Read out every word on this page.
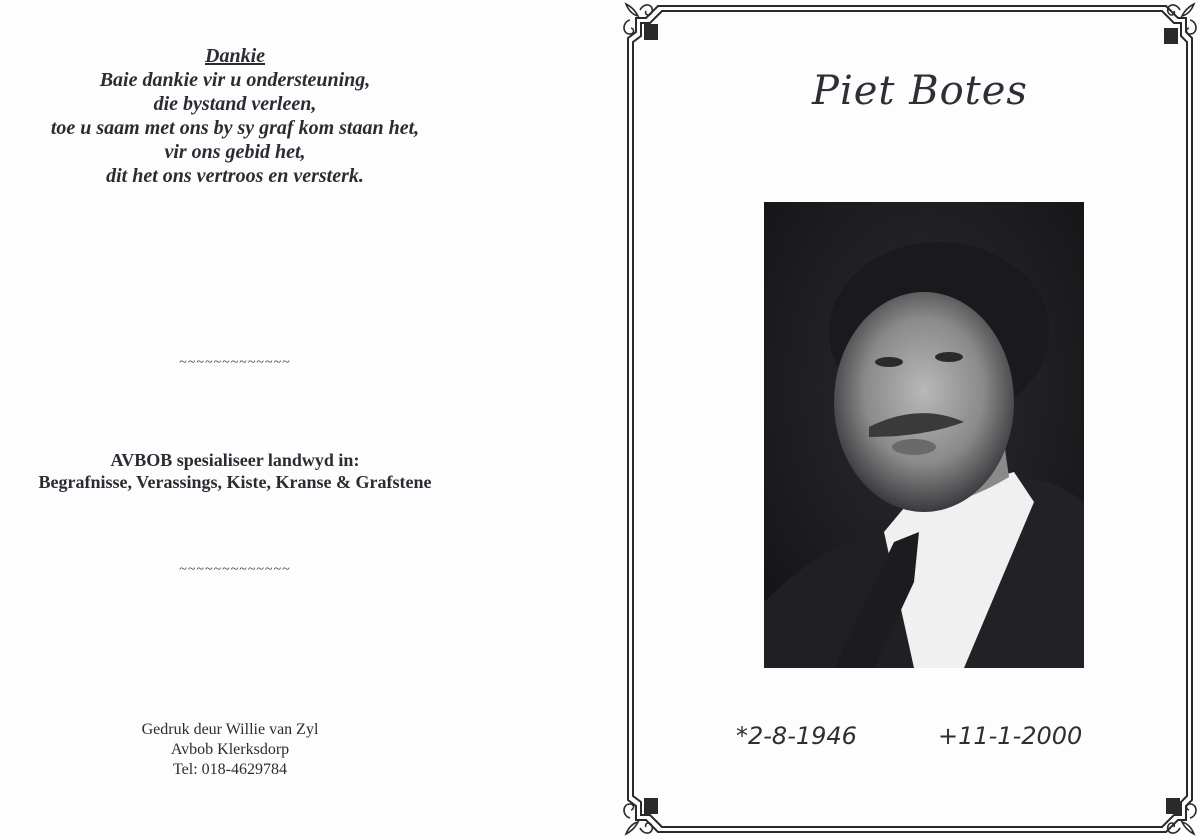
Dankie
Baie dankie vir u ondersteuning,
die bystand verleen,
toe u saam met ons by sy graf kom staan het,
vir ons gebid het,
dit het ons vertroos en versterk.
~~~~~~~~~~~~~
AVBOB spesialiseer landwyd in:
Begrafnisse, Verassings, Kiste, Kranse & Grafstene
~~~~~~~~~~~~~
Gedruk deur Willie van Zyl
Avbob Klerksdorp
Tel: 018-4629784
Piet Botes
*2-8-1946	+11-1-2000
